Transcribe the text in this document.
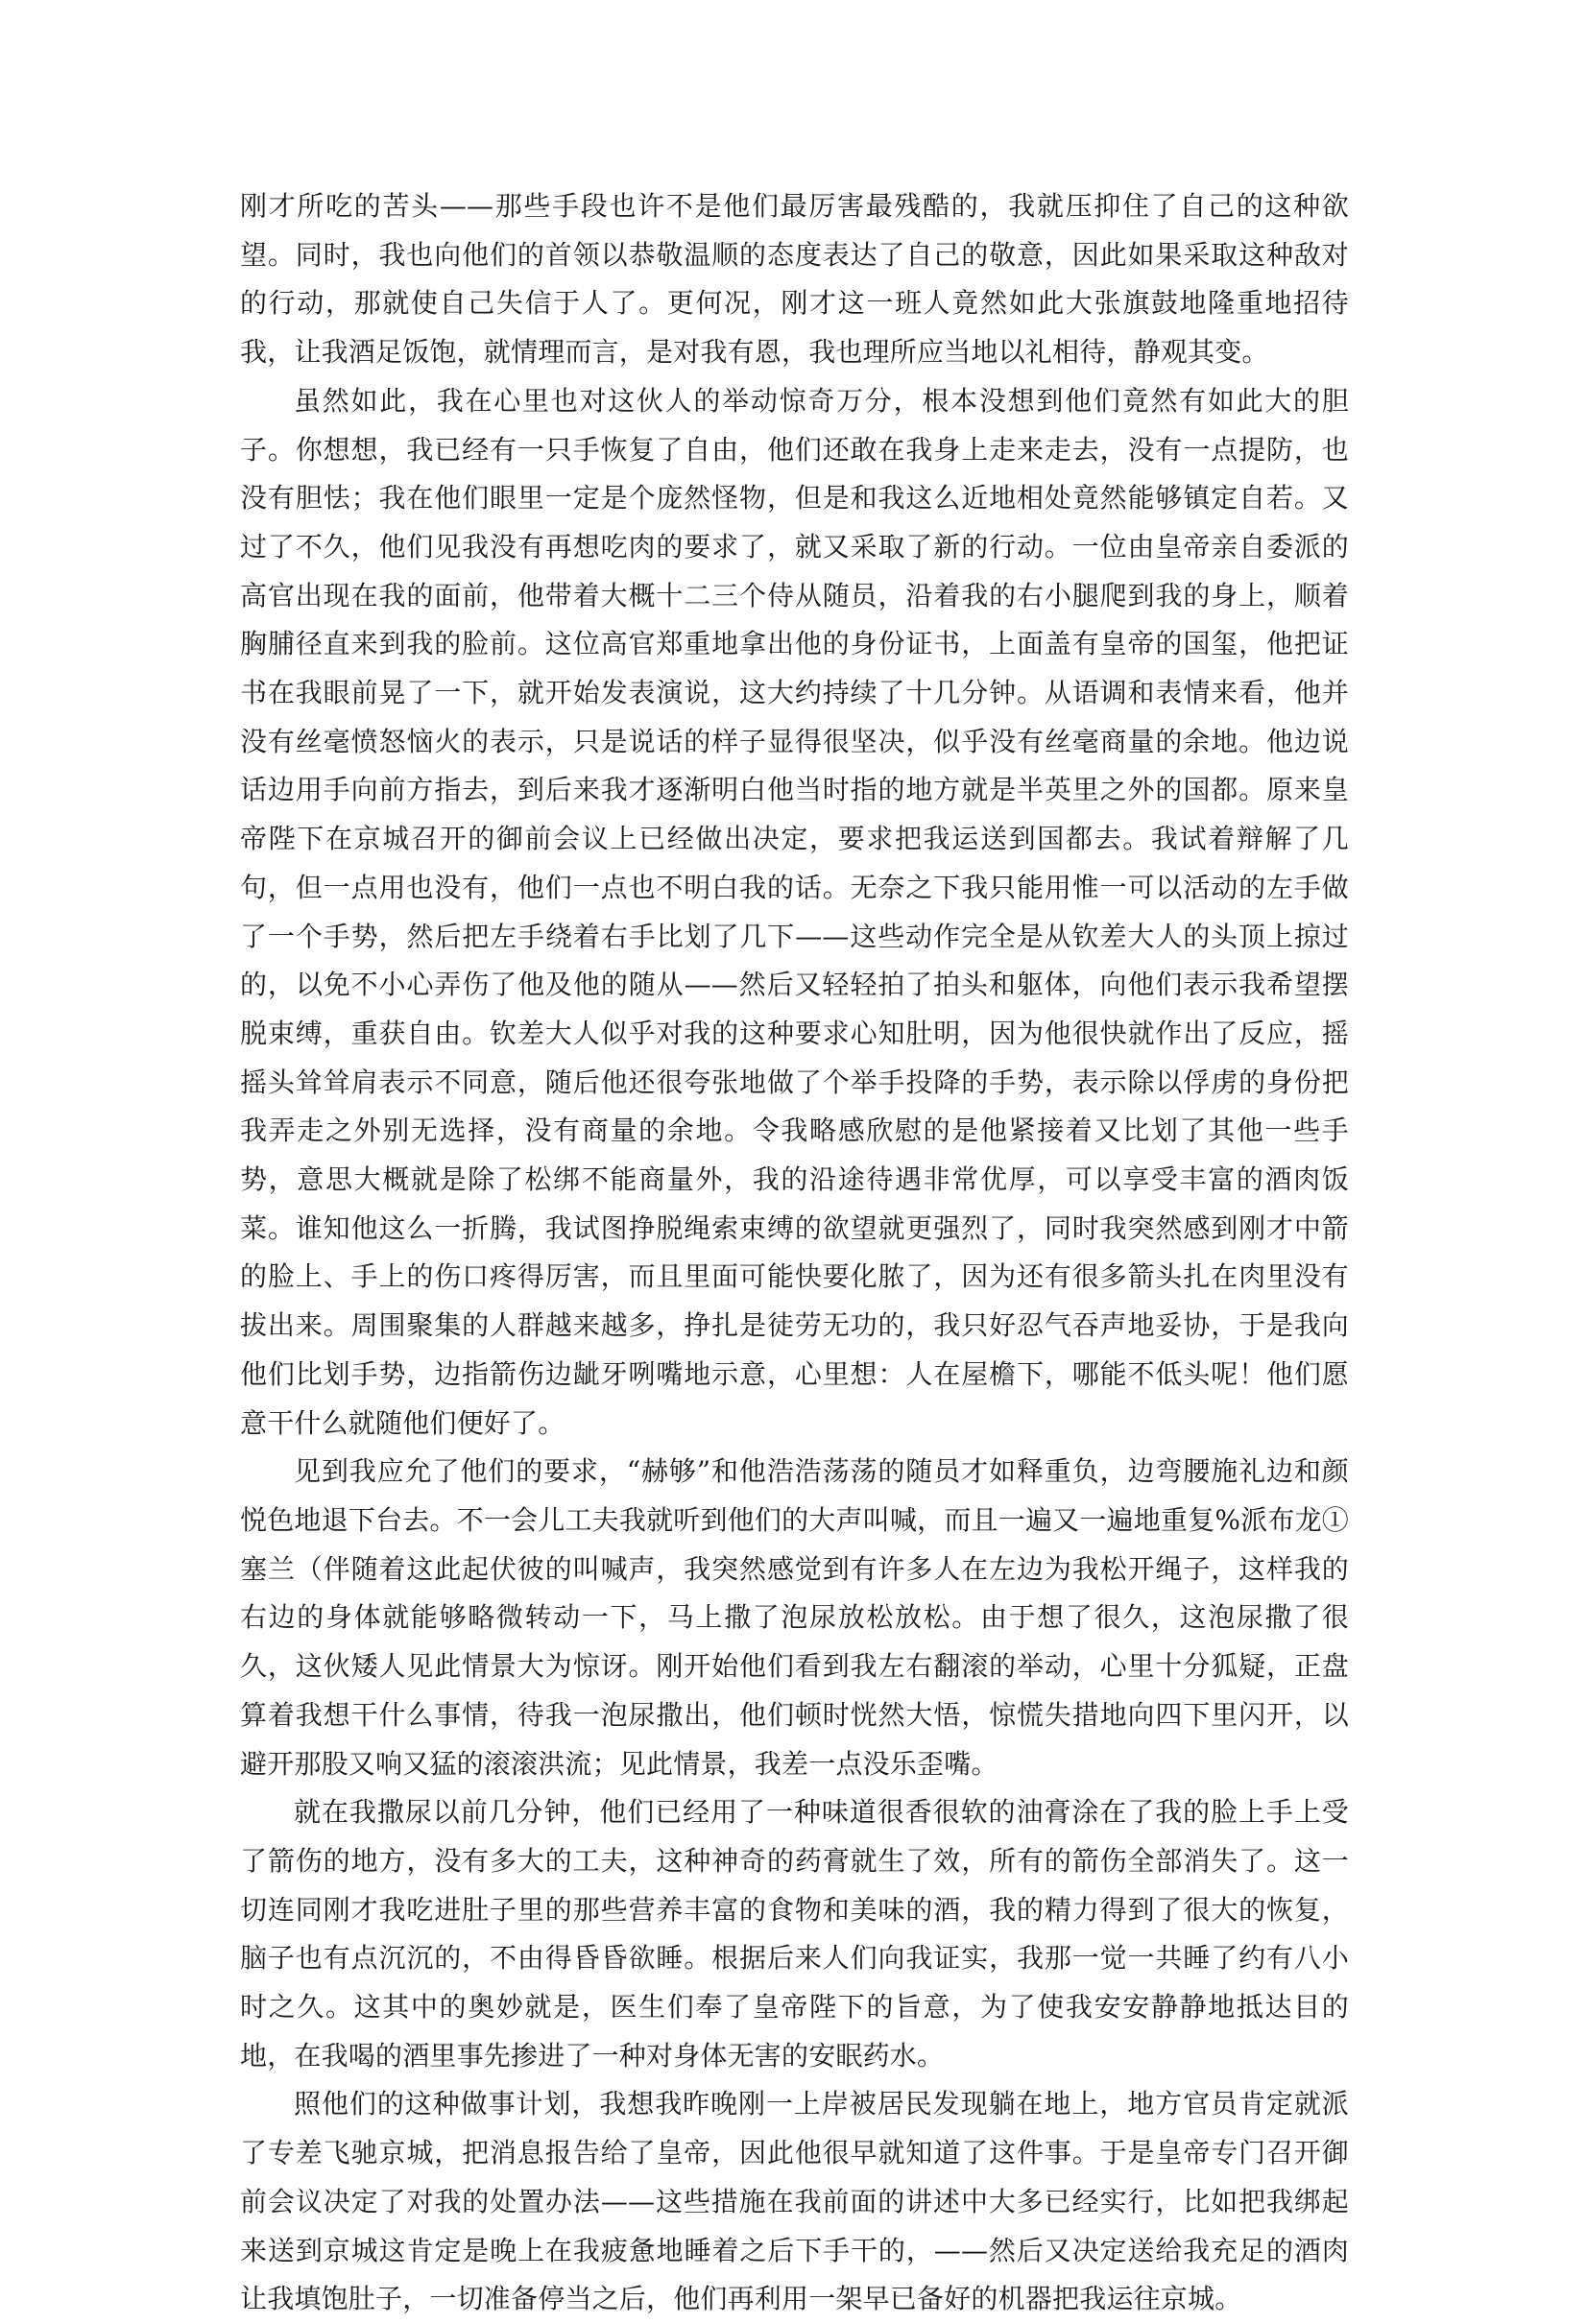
刚才所吃的苦头——那些手段也许不是他们最厉害最残酷的，我就压抑住了自己的这种欲望。同时，我也向他们的首领以恭敬温顺的态度表达了自己的敬意，因此如果采取这种敌对的行动，那就使自己失信于人了。更何况，刚才这一班人竟然如此大张旗鼓地隆重地招待我，让我酒足饭饱，就情理而言，是对我有恩，我也理所应当地以礼相待，静观其变。

虽然如此，我在心里也对这伙人的举动惊奇万分，根本没想到他们竟然有如此大的胆子。你想想，我已经有一只手恢复了自由，他们还敢在我身上走来走去，没有一点提防，也没有胆怯；我在他们眼里一定是个庞然怪物，但是和我这么近地相处竟然能够镇定自若。又过了不久，他们见我没有再想吃肉的要求了，就又采取了新的行动。一位由皇帝亲自委派的高官出现在我的面前，他带着大概十二三个侍从随员，沿着我的右小腿爬到我的身上，顺着胸脯径直来到我的脸前。这位高官郑重地拿出他的身份证书，上面盖有皇帝的国玺，他把证书在我眼前晃了一下，就开始发表演说，这大约持续了十几分钟。从语调和表情来看，他并没有丝毫愤怒恼火的表示，只是说话的样子显得很坚决，似乎没有丝毫商量的余地。他边说话边用手向前方指去，到后来我才逐渐明白他当时指的地方就是半英里之外的国都。原来皇帝陛下在京城召开的御前会议上已经做出决定，要求把我运送到国都去。我试着辩解了几句，但一点用也没有，他们一点也不明白我的话。无奈之下我只能用惟一可以活动的左手做了一个手势，然后把左手绕着右手比划了几下——这些动作完全是从钦差大人的头顶上掠过的，以免不小心弄伤了他及他的随从——然后又轻轻拍了拍头和躯体，向他们表示我希望摆脱束缚，重获自由。钦差大人似乎对我的这种要求心知肚明，因为他很快就作出了反应，摇摇头耸耸肩表示不同意，随后他还很夸张地做了个举手投降的手势，表示除以俘虏的身份把我弄走之外别无选择，没有商量的余地。令我略感欣慰的是他紧接着又比划了其他一些手势，意思大概就是除了松绑不能商量外，我的沿途待遇非常优厚，可以享受丰富的酒肉饭菜。谁知他这么一折腾，我试图挣脱绳索束缚的欲望就更强烈了，同时我突然感到刚才中箭的脸上、手上的伤口疼得厉害，而且里面可能快要化脓了，因为还有很多箭头扎在肉里没有拔出来。周围聚集的人群越来越多，挣扎是徒劳无功的，我只好忍气吞声地妥协，于是我向他们比划手势，边指箭伤边龇牙咧嘴地示意，心里想：人在屋檐下，哪能不低头呢！他们愿意干什么就随他们便好了。

见到我应允了他们的要求，“赫够”和他浩浩荡荡的随员才如释重负，边弯腰施礼边和颜悦色地退下台去。不一会儿工夫我就听到他们的大声叫喊，而且一遍又一遍地重复%派布龙①塞兰（伴随着这此起伏彼的叫喊声，我突然感觉到有许多人在左边为我松开绳子，这样我的右边的身体就能够略微转动一下，马上撒了泡尿放松放松。由于想了很久，这泡尿撒了很久，这伙矮人见此情景大为惊讶。刚开始他们看到我左右翻滚的举动，心里十分狐疑，正盘算着我想干什么事情，待我一泡尿撒出，他们顿时恍然大悟，惊慌失措地向四下里闪开，以避开那股又响又猛的滚滚洪流；见此情景，我差一点没乐歪嘴。

就在我撒尿以前几分钟，他们已经用了一种味道很香很软的油膏涂在了我的脸上手上受了箭伤的地方，没有多大的工夫，这种神奇的药膏就生了效，所有的箭伤全部消失了。这一切连同刚才我吃进肚子里的那些营养丰富的食物和美味的酒，我的精力得到了很大的恢复，脑子也有点沉沉的，不由得昏昏欲睡。根据后来人们向我证实，我那一觉一共睡了约有八小时之久。这其中的奥妙就是，医生们奉了皇帝陛下的旨意，为了使我安安静静地抵达目的地，在我喝的酒里事先掺进了一种对身体无害的安眠药水。

照他们的这种做事计划，我想我昨晚刚一上岸被居民发现躺在地上，地方官员肯定就派了专差飞驰京城，把消息报告给了皇帝，因此他很早就知道了这件事。于是皇帝专门召开御前会议决定了对我的处置办法——这些措施在我前面的讲述中大多已经实行，比如把我绑起来送到京城这肯定是晚上在我疲惫地睡着之后下手干的，——然后又决定送给我充足的酒肉让我填饱肚子，一切准备停当之后，他们再利用一架早已备好的机器把我运往京城。
